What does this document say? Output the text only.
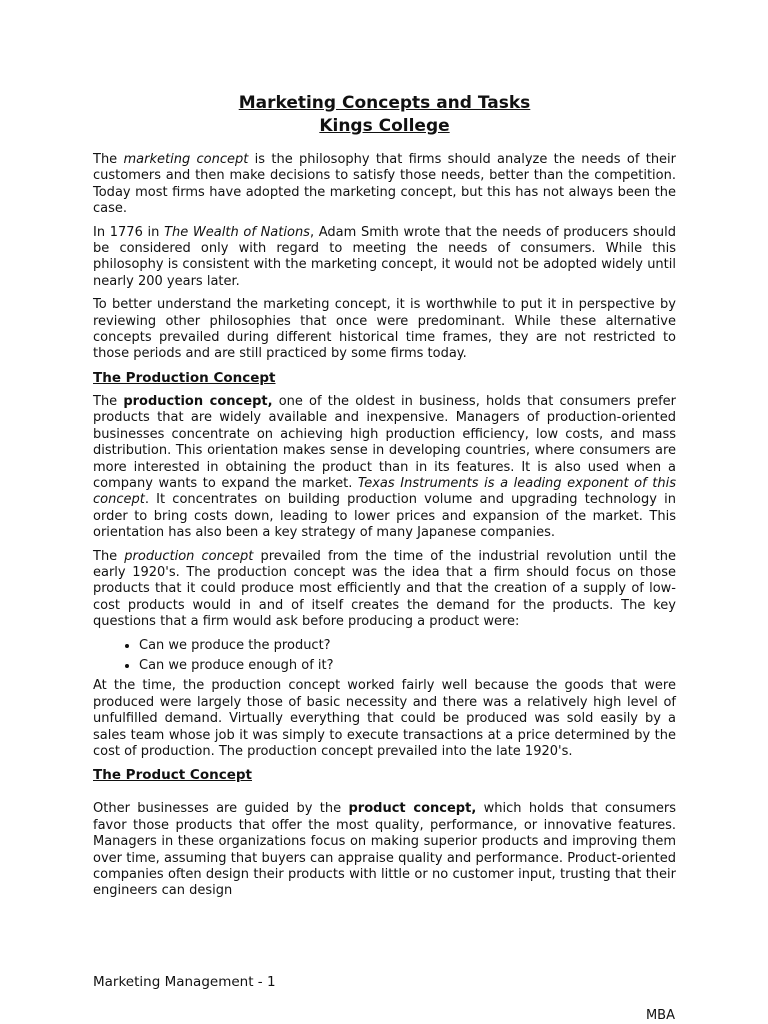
Marketing Concepts and Tasks
Kings College

The marketing concept is the philosophy that firms should analyze the needs of their customers and then make decisions to satisfy those needs, better than the competition. Today most firms have adopted the marketing concept, but this has not always been the case.

In 1776 in The Wealth of Nations, Adam Smith wrote that the needs of producers should be considered only with regard to meeting the needs of consumers. While this philosophy is consistent with the marketing concept, it would not be adopted widely until nearly 200 years later.

To better understand the marketing concept, it is worthwhile to put it in perspective by reviewing other philosophies that once were predominant. While these alternative concepts prevailed during different historical time frames, they are not restricted to those periods and are still practiced by some firms today.

The Production Concept

The production concept, one of the oldest in business, holds that consumers prefer products that are widely available and inexpensive. Managers of production-oriented businesses concentrate on achieving high production efficiency, low costs, and mass distribution. This orientation makes sense in developing countries, where consumers are more interested in obtaining the product than in its features. It is also used when a company wants to expand the market. Texas Instruments is a leading exponent of this concept. It concentrates on building production volume and upgrading technology in order to bring costs down, leading to lower prices and expansion of the market. This orientation has also been a key strategy of many Japanese companies.

The production concept prevailed from the time of the industrial revolution until the early 1920's. The production concept was the idea that a firm should focus on those products that it could produce most efficiently and that the creation of a supply of low-cost products would in and of itself creates the demand for the products. The key questions that a firm would ask before producing a product were:

• Can we produce the product?
• Can we produce enough of it?

At the time, the production concept worked fairly well because the goods that were produced were largely those of basic necessity and there was a relatively high level of unfulfilled demand. Virtually everything that could be produced was sold easily by a sales team whose job it was simply to execute transactions at a price determined by the cost of production. The production concept prevailed into the late 1920's.

The Product Concept

Other businesses are guided by the product concept, which holds that consumers favor those products that offer the most quality, performance, or innovative features. Managers in these organizations focus on making superior products and improving them over time, assuming that buyers can appraise quality and performance. Product-oriented companies often design their products with little or no customer input, trusting that their engineers can design

Marketing Management - 1
MBA
